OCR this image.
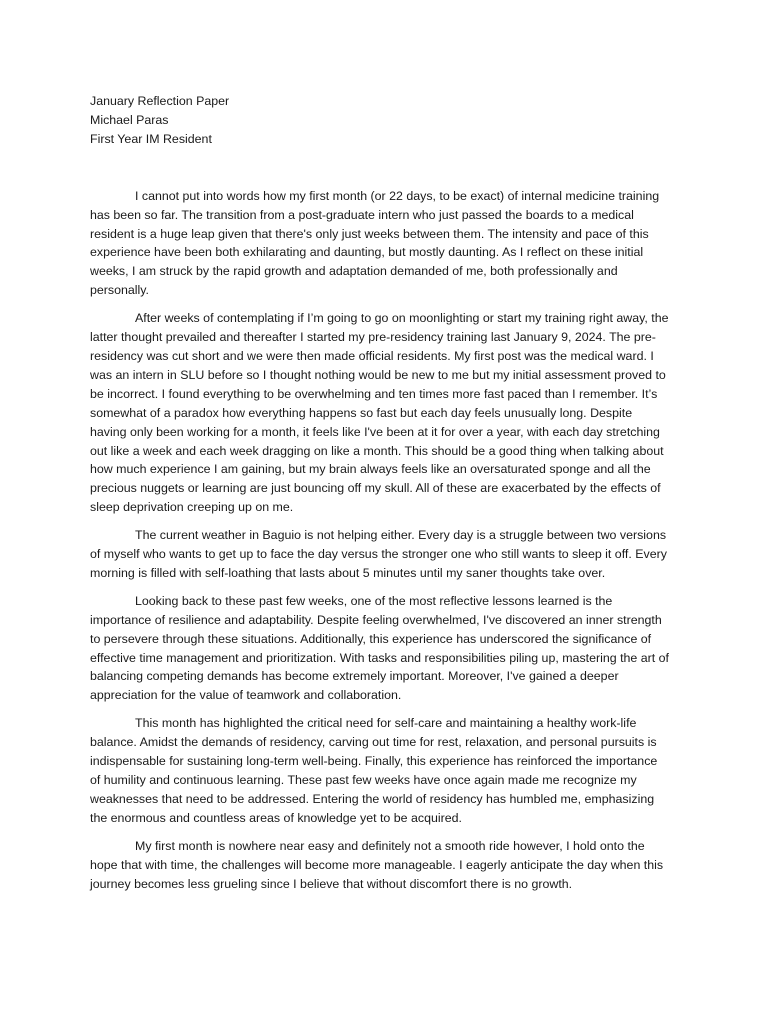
January Reflection Paper

Michael Paras

First Year IM Resident

I cannot put into words how my first month (or 22 days, to be exact) of internal medicine training has been so far. The transition from a post-graduate intern who just passed the boards to a medical resident is a huge leap given that there's only just weeks between them. The intensity and pace of this experience have been both exhilarating and daunting, but mostly daunting. As I reflect on these initial weeks, I am struck by the rapid growth and adaptation demanded of me, both professionally and personally.

After weeks of contemplating if I’m going to go on moonlighting or start my training right away, the latter thought prevailed and thereafter I started my pre-residency training last January 9, 2024. The pre-residency was cut short and we were then made official residents. My first post was the medical ward. I was an intern in SLU before so I thought nothing would be new to me but my initial assessment proved to be incorrect. I found everything to be overwhelming and ten times more fast paced than I remember. It’s somewhat of a paradox how everything happens so fast but each day feels unusually long. Despite having only been working for a month, it feels like I've been at it for over a year, with each day stretching out like a week and each week dragging on like a month. This should be a good thing when talking about how much experience I am gaining, but my brain always feels like an oversaturated sponge and all the precious nuggets or learning are just bouncing off my skull. All of these are exacerbated by the effects of sleep deprivation creeping up on me.

The current weather in Baguio is not helping either. Every day is a struggle between two versions of myself who wants to get up to face the day versus the stronger one who still wants to sleep it off. Every morning is filled with self-loathing that lasts about 5 minutes until my saner thoughts take over.

Looking back to these past few weeks, one of the most reflective lessons learned is the importance of resilience and adaptability. Despite feeling overwhelmed, I've discovered an inner strength to persevere through these situations. Additionally, this experience has underscored the significance of effective time management and prioritization. With tasks and responsibilities piling up, mastering the art of balancing competing demands has become extremely important. Moreover, I've gained a deeper appreciation for the value of teamwork and collaboration.

This month has highlighted the critical need for self-care and maintaining a healthy work-life balance. Amidst the demands of residency, carving out time for rest, relaxation, and personal pursuits is indispensable for sustaining long-term well-being. Finally, this experience has reinforced the importance of humility and continuous learning. These past few weeks have once again made me recognize my weaknesses that need to be addressed. Entering the world of residency has humbled me, emphasizing the enormous and countless areas of knowledge yet to be acquired.

My first month is nowhere near easy and definitely not a smooth ride however, I hold onto the hope that with time, the challenges will become more manageable. I eagerly anticipate the day when this journey becomes less grueling since I believe that without discomfort there is no growth.
